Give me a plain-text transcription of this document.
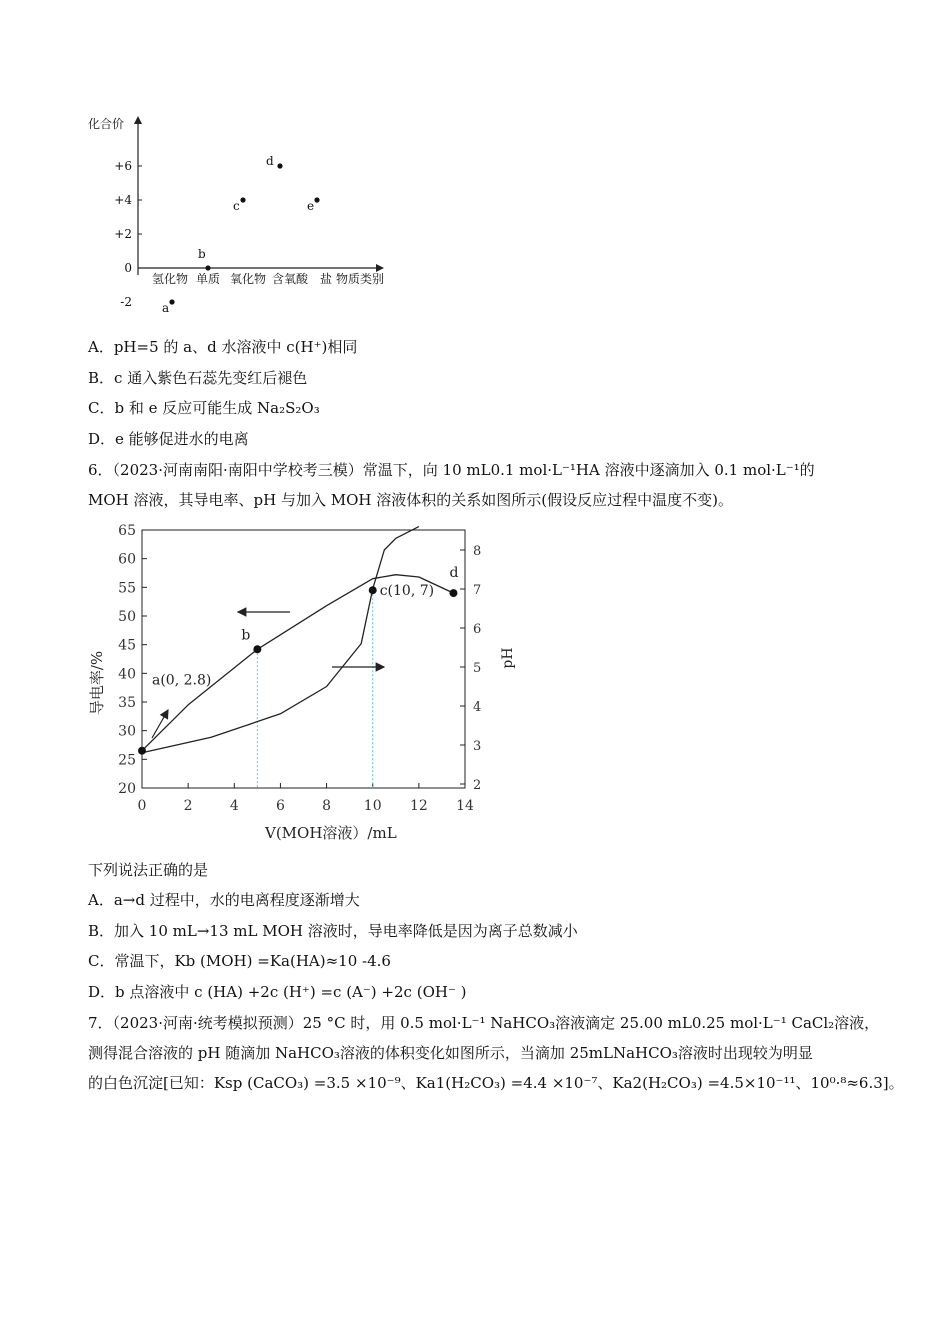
化合价
+6
+4
+2
0
-2
氢化物 单质 氧化物 含氧酸 盐 物质类别
a
b
c
d
e
A．pH=5 的 a、d 水溶液中 c(H⁺)相同
B．c 通入紫色石蕊先变红后褪色
C．b 和 e 反应可能生成 Na₂S₂O₃
D．e 能够促进水的电离
6．（2023·河南南阳·南阳中学校考三模）常温下，向 10 mL0.1 mol·L⁻¹HA 溶液中逐滴加入 0.1 mol·L⁻¹的
MOH 溶液，其导电率、pH 与加入 MOH 溶液体积的关系如图所示(假设反应过程中温度不变)。
20
25
30
35
40
45
50
55
60
65
2
3
4
5
6
7
8
0	2	4	6	8 10 12 14
a(0, 2.8)
b
c(10, 7)
d
V(MOH溶液）/mL
导电率/%	pH
下列说法正确的是
A．a→d 过程中，水的电离程度逐渐增大
B．加入 10 mL→13 mL MOH 溶液时，导电率降低是因为离子总数减小
C．常温下，Kb (MOH) =Ka(HA)≈10 -4.6
D．b 点溶液中 c (HA) +2c (H⁺) =c (A⁻) +2c (OH⁻ )
7．（2023·河南·统考模拟预测）25 °C 时，用 0.5 mol·L⁻¹ NaHCO₃溶液滴定 25.00 mL0.25 mol·L⁻¹ CaCl₂溶液，
测得混合溶液的 pH 随滴加 NaHCO₃溶液的体积变化如图所示，当滴加 25mLNaHCO₃溶液时出现较为明显
的白色沉淀[已知：Ksp (CaCO₃) =3.5 ×10⁻⁹、Ka1(H₂CO₃) =4.4 ×10⁻⁷、Ka2(H₂CO₃) =4.5×10⁻¹¹、10⁰·⁸≈6.3]。
